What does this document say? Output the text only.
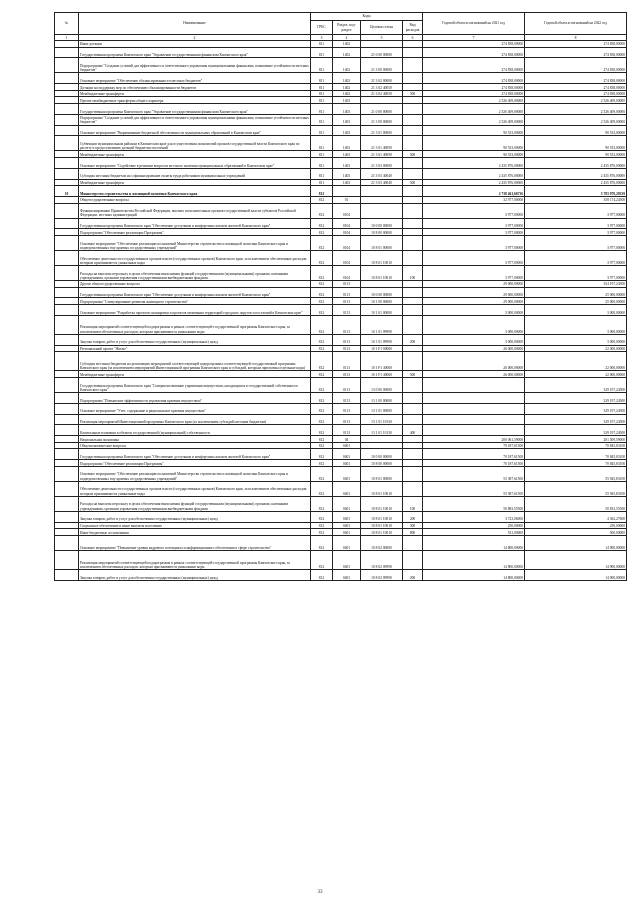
№	Наименование	Коды				Годовой объем ассигнований на 2021 год	Годовой объем ассигнований на 2022 год
		ГРБС	Раздел, под-раздел	Целевая статья	Вид расходов		
1	2	3	4	5	6	7	8
	Иные дотации	811	1402			274 838,00000	274 838,00000
	Государственная программа Камчатского края "Управление государственными финансами Камчатского края"	811	1402	21 0 00 00000		274 838,00000	274 838,00000
	Подпрограмма "Создание условий для эффективного и ответственного управления муниципальными финансами, повышение устойчивости местных бюджетов"	811	1402	21 3 00 00000		274 838,00000	274 838,00000
	Основное мероприятие "Обеспечение сбалансированности местных бюджетов"	811	1402	21 3 02 00000		274 838,00000	274 838,00000
	Дотации на поддержку мер по обеспечению сбалансированности бюджетов	811	1402	21 3 02 40050		274 838,00000	274 838,00000
	Межбюджетные трансферты	811	1402	21 3 02 40050	500	274 838,00000	274 838,00000
	Прочие межбюджетные трансферты общего характера	811	1403			2 526 409,00000	2 526 409,00000
	Государственная программа Камчатского края "Управление государственными финансами Камчатского края"	811	1403	21 0 00 00000		2 526 409,00000	2 526 409,00000
	Подпрограмма "Создание условий для эффективного и ответственного управления муниципальными финансами, повышение устойчивости местных бюджетов"	811	1403	21 3 00 00000		2 526 409,00000	2 526 409,00000
	Основное мероприятие "Выравнивание бюджетной обеспеченности муниципальных образований в Камчатском крае"	811	1403	21 3 01 00000		90 533,00000	90 533,00000
	Субвенции муниципальным районам в Камчатском крае для осуществления полномочий органов государственной власти Камчатского края по расчету и предоставлению дотаций бюджетам поселений	811	1403	21 3 01 40090		90 533,00000	90 533,00000
	Межбюджетные трансферты	811	1403	21 3 01 40090	500	90 533,00000	90 533,00000
	Основное мероприятие "Содействие в решении вопросов местного значения муниципальных образований в Камчатском крае"	811	1403	21 3 03 00000		2 435 876,00000	2 435 876,00000
	Субсидия местным бюджетам на софинансирование оплаты труда работников муниципальных учреждений	811	1403	21 3 03 40040		2 435 876,00000	2 435 876,00000
	Межбюджетные трансферты	811	1403	21 3 03 40040	500	2 435 876,00000	2 435 876,00000
10	Министерство строительства и жилищной политики Камчатского края	812				2 738 461,66736	5 783 970,20339
	Общегосударственные вопросы	812	01			32 977,00000	358 174,24500
	Функционирование Правительства Российской Федерации, высших исполнительных органов государственной власти субъектов Российской Федерации, местных администраций	812	0104			3 977,00000	3 977,00000
	Государственная программа Камчатского края "Обеспечение доступным и комфортным жильем жителей Камчатского края"	812	0104	10 0 00 00000		3 977,00000	3 977,00000
	Подпрограмма "Обеспечение реализации Программы"	812	0104	10 8 00 00000		3 977,00000	3 977,00000
	Основное мероприятие "Обеспечение реализации полномочий Министерства строительства и жилищной политики Камчатского края и подведомственных ему краевых государственных учреждений"	812	0104	10 8 01 00000		3 977,00000	3 977,00000
	Обеспечение деятельности государственных органов власти (государственных органов) Камчатского края, за исключением обеспеченных расходов, которым присваиваются уникальные коды	812	0104	10 8 01 10010		3 977,00000	3 977,00000
	Расходы на выплаты персоналу в целях обеспечения выполнения функций государственными (муниципальными) органами, казенными учреждениями, органами управления государственными внебюджетными фондами	812	0104	10 8 01 10010	100	3 977,00000	3 977,00000
	Другие общегосударственные вопросы	812	0113			29 000,00000	354 197,24500
	Государственная программа Камчатского края "Обеспечение доступным и комфортным жильем жителей Камчатского края"	812	0113	10 0 00 00000		29 000,00000	25 000,00000
	Подпрограмма "Стимулирование развития жилищного строительства"	812	0113	10 1 00 00000		29 000,00000	25 000,00000
	Основное мероприятие "Разработка проектов планировки и проектов межевания территорий городских округов и поселений в Камчатском крае"	812	0113	10 1 01 00000		3 000,00000	3 000,00000
	Реализация мероприятий соответствующей подпрограммы в рамках соответствующей государственной программы Камчатского края, за исключением обеспеченных расходов, которым присваиваются уникальные коды	812	0113	10 1 01 09990		3 000,00000	3 000,00000
	Закупка товаров, работ и услуг для обеспечения государственных (муниципальных) нужд	812	0113	10 1 01 09990	200	3 000,00000	3 000,00000
	Региональный проект "Жилье"	812	0113	10 1 F1 00000		26 000,00000	22 000,00000
	Субсидии местным бюджетам на реализацию мероприятий соответствующей подпрограммы соответствующей государственной программы Камчатского края (за исключением мероприятий Инвестиционной программы Камчатского края и субсидий, которым присвоены отдельные коды)	812	0113	10 1 F1 40060		26 000,00000	22 000,00000
	Межбюджетные трансферты	812	0113	10 1 F1 40060	500	26 000,00000	22 000,00000
	Государственная программа Камчатского края "Совершенствование управления имуществом, находящимся в государственной собственности Камчатского края"	812	0113	13 0 00 00000			329 197,24500
	Подпрограмма "Повышение эффективности управления краевым имуществом"	812	0113	13 1 00 00000			329 197,24500
	Основное мероприятие "Учет, содержание и рациональное краевым имуществом"	812	0113	13 1 01 00000			329 197,24500
	Реализация мероприятий Инвестиционной программы Камчатского края (за исключением субсидий местным бюджетам)	812	0113	13 1 01 10130			329 197,24500
	Капитальные вложения в объекты государственной (муниципальной) собственности	812	0113	13 1 01 10130	400		329 197,24500
	Национальная экономика	812	04			200 061,59000	201 509,59000
	Общеэкономические вопросы	812	0401			70 187,61500	70 845,83100
	Государственная программа Камчатского края "Обеспечение доступным и комфортным жильем жителей Камчатского края"	812	0401	10 0 00 00000		70 187,61500	70 845,83100
	Подпрограмма "Обеспечение реализации Программы"	812	0401	10 8 00 00000		70 187,61500	70 845,83100
	Основное мероприятие "Обеспечение реализации полномочий Министерства строительства и жилищной политики Камчатского края и подведомственных ему краевых государственных учреждений"	812	0401	10 8 01 00000		55 387,61500	55 945,83100
	Обеспечение деятельности государственных органов власти (государственных органов) Камчатского края, за исключением обеспеченных расходов, которым присваиваются уникальные коды	812	0401	10 8 01 10010		55 387,61500	55 945,83100
	Расходы на выплаты персоналу в целях обеспечения выполнения функций государственными (муниципальными) органами, казенными учреждениями, органами управления государственными внебюджетными фондами	812	0401	10 8 01 10010	100	50 883,55500	50 833,55500
	Закупка товаров, работ и услуг для обеспечения государственных (муниципальных) нужд	812	0401	10 8 01 10010	200	3 723,06000	4 362,27600
	Социальное обеспечение и иные выплаты населению	812	0401	10 8 01 10010	300	250,00000	250,00000
	Иные бюджетные ассигнования	812	0401	10 8 01 10010	800	531,00000	500,00000
	Основное мероприятие "Повышение уровня кадрового потенциала и информационного обеспечения в сфере строительства"	812	0401	10 8 02 00000		14 800,00000	14 900,00000
	Реализация мероприятий соответствующей подпрограммы в рамках соответствующей государственной программы Камчатского края, за исключением обеспеченных расходов, которым присваиваются уникальные коды	812	0401	10 8 02 09990		14 800,00000	14 900,00000
	Закупка товаров, работ и услуг для обеспечения государственных (муниципальных) нужд	812	0401	10 8 02 09990	200	14 800,00000	14 900,00000
33
